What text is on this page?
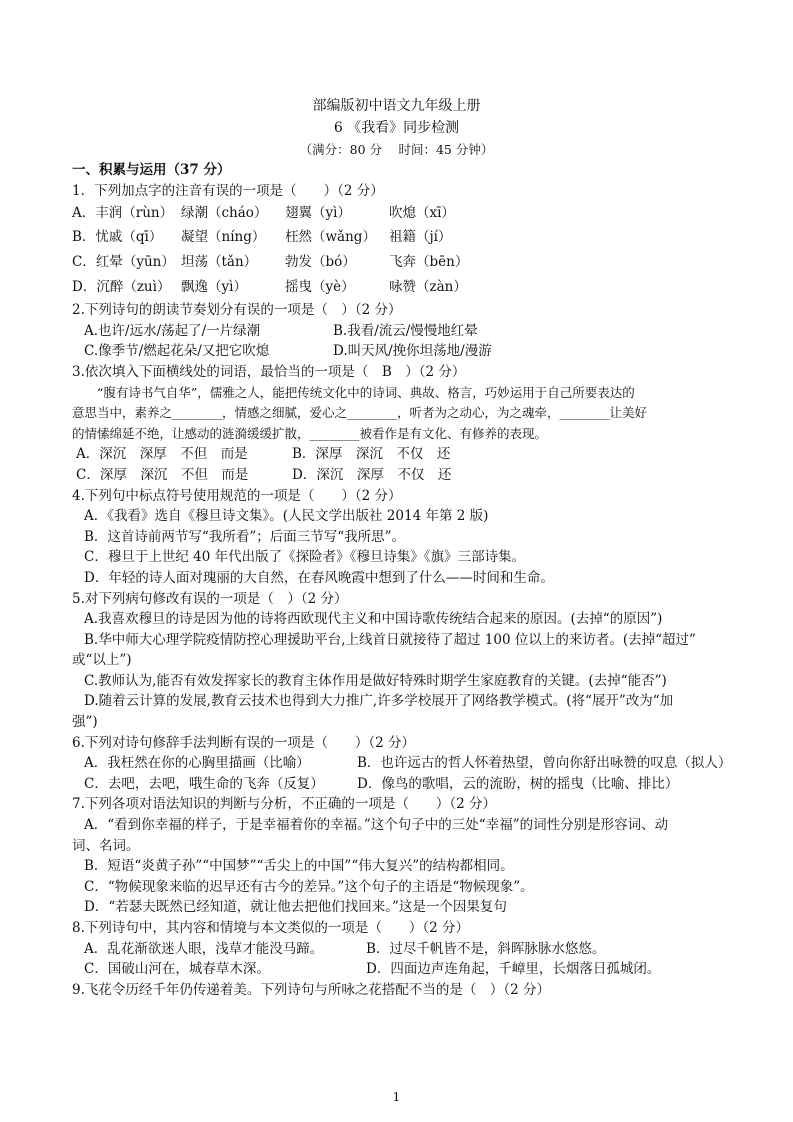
部编版初中语文九年级上册
6 《我看》同步检测
（满分：80 分　 时间：45 分钟）
一、积累与运用（37 分）
1．下列加点字的注音有误的一项是（　　）（2 分）
A．丰润（rùn） 绿潮（cháo）	翅翼（yì）	吹熄（xī）
B．忧戚（qī）	凝望（níng）	枉然（wǎng） 祖籍（jí）
C．红晕（yūn） 坦荡（tǎn）	勃发（bó）	飞奔（bēn）
D．沉醉（zuì） 飘逸（yì）	摇曳（yè）	咏赞（zàn）
2.下列诗句的朗读节奏划分有误的一项是（　）（2 分）
A.也许/远水/荡起了/一片绿潮	B.我看/流云/慢慢地红晕
C.像季节/燃起花朵/又把它吹熄	D.叫天风/挽你坦荡地/漫游
3.依次填入下面横线处的词语，最恰当的一项是（　B　）（2 分）
　　“腹有诗书气自华”，儒雅之人，能把传统文化中的诗词、典故、格言，巧妙运用于自己所要表达的
意思当中，素养之________，情感之细腻，爱心之________，听者为之动心，为之魂牵，________让美好
的情愫绵延不绝，让感动的涟漪缓缓扩散，________被看作是有文化、有修养的表现。
A．深沉　深厚　不但　而是	B．深厚　深沉　不仅　还
C．深厚　深沉　不但　而是	D．深沉　深厚　不仅　还
4.下列句中标点符号使用规范的一项是（　　）（2 分）
A．《我看》选自《穆旦诗文集》。(人民文学出版社 2014 年第 2 版)
B．这首诗前两节写“我所看”；后面三节写“我所思”。
C．穆旦于上世纪 40 年代出版了《探险者》《穆旦诗集》《旗》三部诗集。
D．年轻的诗人面对瑰丽的大自然，在春风晚霞中想到了什么——时间和生命。
5.对下列病句修改有误的一项是（　）（2 分）
A.我喜欢穆旦的诗是因为他的诗将西欧现代主义和中国诗歌传统结合起来的原因。(去掉“的原因”)
B.华中师大心理学院疫情防控心理援助平台,上线首日就接待了超过 100 位以上的来访者。(去掉“超过”
或“以上”)
C.教师认为,能否有效发挥家长的教育主体作用是做好特殊时期学生家庭教育的关键。(去掉“能否”)
D.随着云计算的发展,教育云技术也得到大力推广,许多学校展开了网络教学模式。(将“展开”改为“加
强”)
6.下列对诗句修辞手法判断有误的一项是（　　）（2 分）
A．我枉然在你的心胸里描画（比喻）	B．也许远古的哲人怀着热望，曾向你舒出咏赞的叹息（拟人）
C．去吧，去吧，哦生命的飞奔（反复）	D．像鸟的歌唱，云的流盼，树的摇曳（比喻、排比）
7.下列各项对语法知识的判断与分析，不正确的一项是（　　）（2 分）
A．“看到你幸福的样子，于是幸福着你的幸福。”这个句子中的三处“幸福”的词性分别是形容词、动
词、名词。
B．短语“炎黄子孙”“中国梦”“舌尖上的中国”“伟大复兴”的结构都相同。
C．“物候现象来临的迟早还有古今的差异。”这个句子的主语是“物候现象”。
D．“若瑟夫既然已经知道，就让他去把他们找回来。”这是一个因果复句
8.下列诗句中，其内容和情境与本文类似的一项是（　　）（2 分）
A．乱花渐欲迷人眼，浅草才能没马蹄。	B．过尽千帆皆不是，斜晖脉脉水悠悠。
C．国破山河在，城春草木深。	D．四面边声连角起，千嶂里，长烟落日孤城闭。
9.飞花令历经千年仍传递着美。下列诗句与所咏之花搭配不当的是（　）（2 分）
1
